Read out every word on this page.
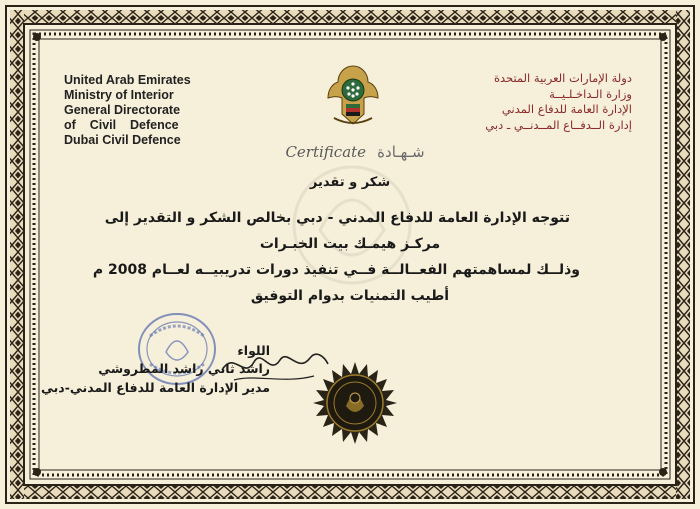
United Arab Emirates
Ministry of Interior
General Directorate
of    Civil    Defence
Dubai Civil Defence
دولة الإمارات العربية المتحدة
وزارة الـداخـلـيــة
الإدارة العامة للدفاع المدني
إدارة الــدفــاع المــدنــي ـ دبي
Certificate شـهـادة
شكر و تقدير
تتوجه الإدارة العامة للدفاع المدني - دبي بخالص الشكر و التقدير إلى
مركـز هيمـك بيت الخبـرات
وذلــك لمساهمتهم الفعــالــة فــي تنفيذ دورات تدريبيــه لعــام 2008 م
أطيب التمنيات بدوام التوفيق
اللواء
راشد ثاني راشد المطروشي
مدير الإدارة العامة للدفاع المدني-دبي
